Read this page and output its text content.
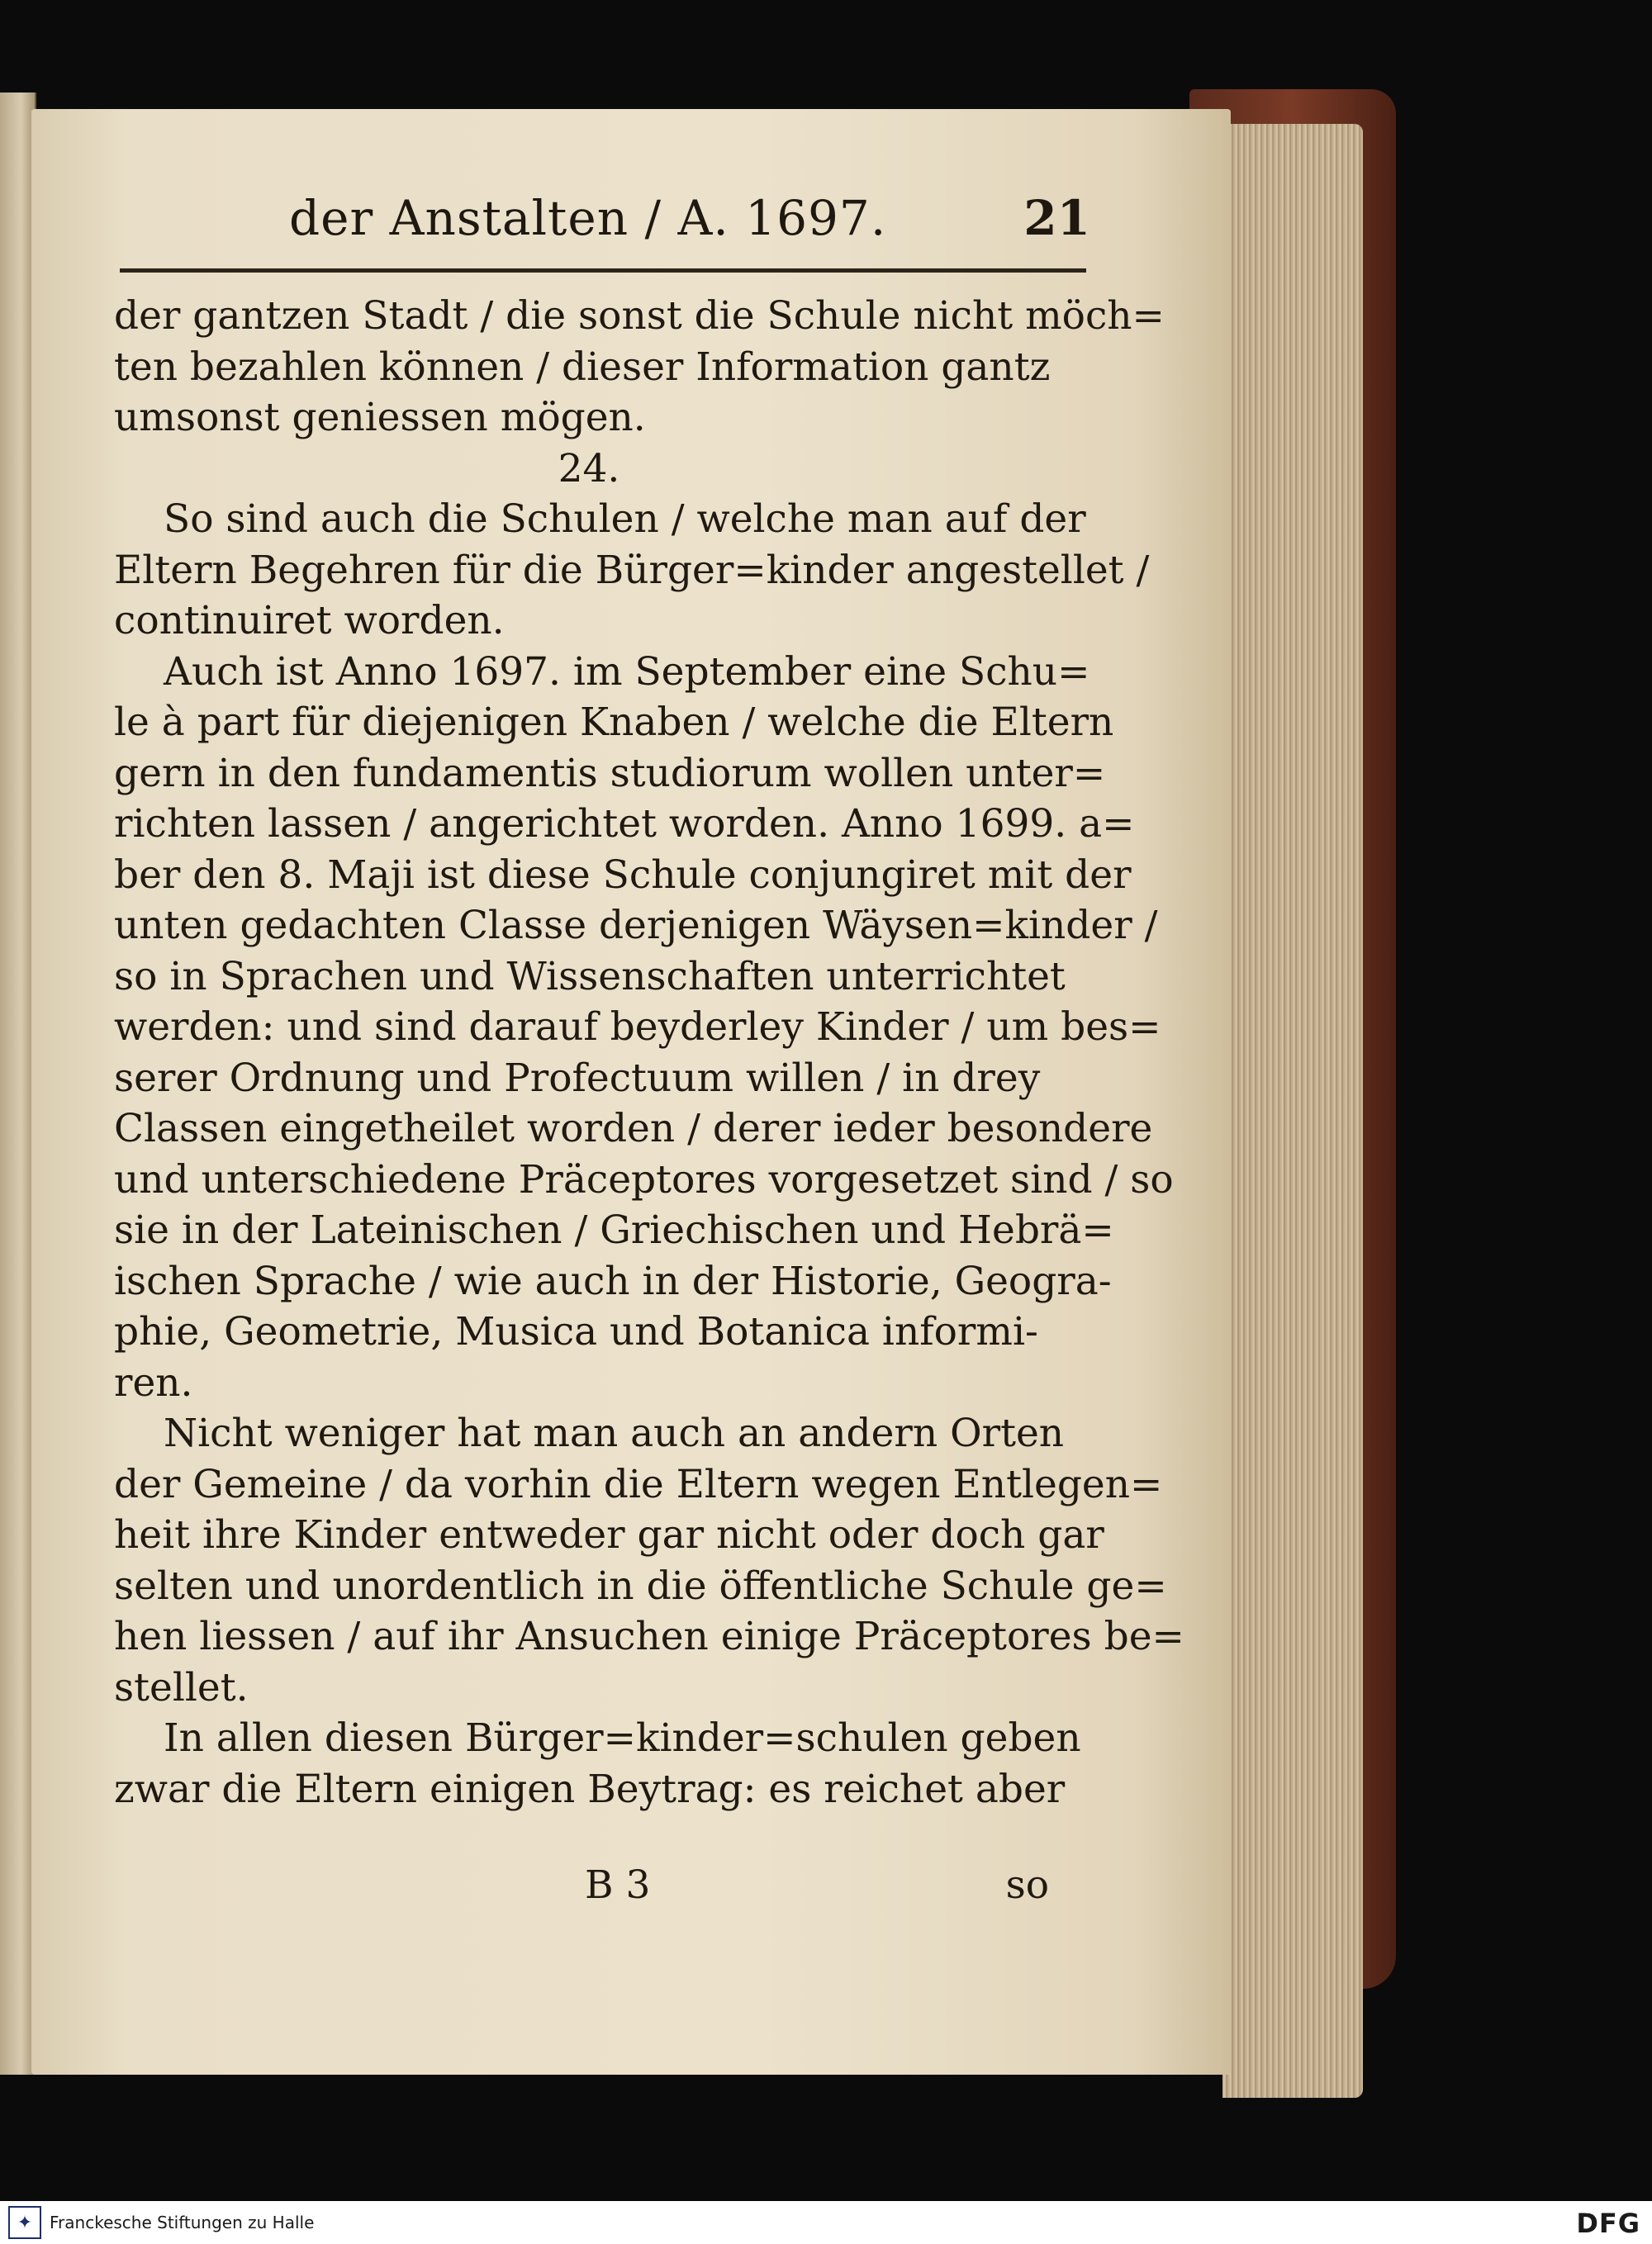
der Anstalten / A. 1697.	21
der gantzen Stadt / die sonst die Schule nicht möch=
ten bezahlen können / dieser Information gantz
umsonst geniessen mögen.
24.
So sind auch die Schulen / welche man auf der
Eltern Begehren für die Bürger=kinder angestellet /
continuiret worden.
Auch ist Anno 1697. im September eine Schu=
le à part für diejenigen Knaben / welche die Eltern
gern in den fundamentis studiorum wollen unter=
richten lassen / angerichtet worden. Anno 1699. a=
ber den 8. Maji ist diese Schule conjungiret mit der
unten gedachten Classe derjenigen Wäysen=kinder /
so in Sprachen und Wissenschaften unterrichtet
werden: und sind darauf beyderley Kinder / um bes=
serer Ordnung und Profectuum willen / in drey
Classen eingetheilet worden / derer ieder besondere
und unterschiedene Präceptores vorgesetzet sind / so
sie in der Lateinischen / Griechischen und Hebrä=
ischen Sprache / wie auch in der Historie, Geogra-
phie, Geometrie, Musica und Botanica informi-
ren.
Nicht weniger hat man auch an andern Orten
der Gemeine / da vorhin die Eltern wegen Entlegen=
heit ihre Kinder entweder gar nicht oder doch gar
selten und unordentlich in die öffentliche Schule ge=
hen liessen / auf ihr Ansuchen einige Präceptores be=
stellet.
In allen diesen Bürger=kinder=schulen geben
zwar die Eltern einigen Beytrag: es reichet aber
B 3	so
✦	Franckesche Stiftungen zu Halle	DFG
